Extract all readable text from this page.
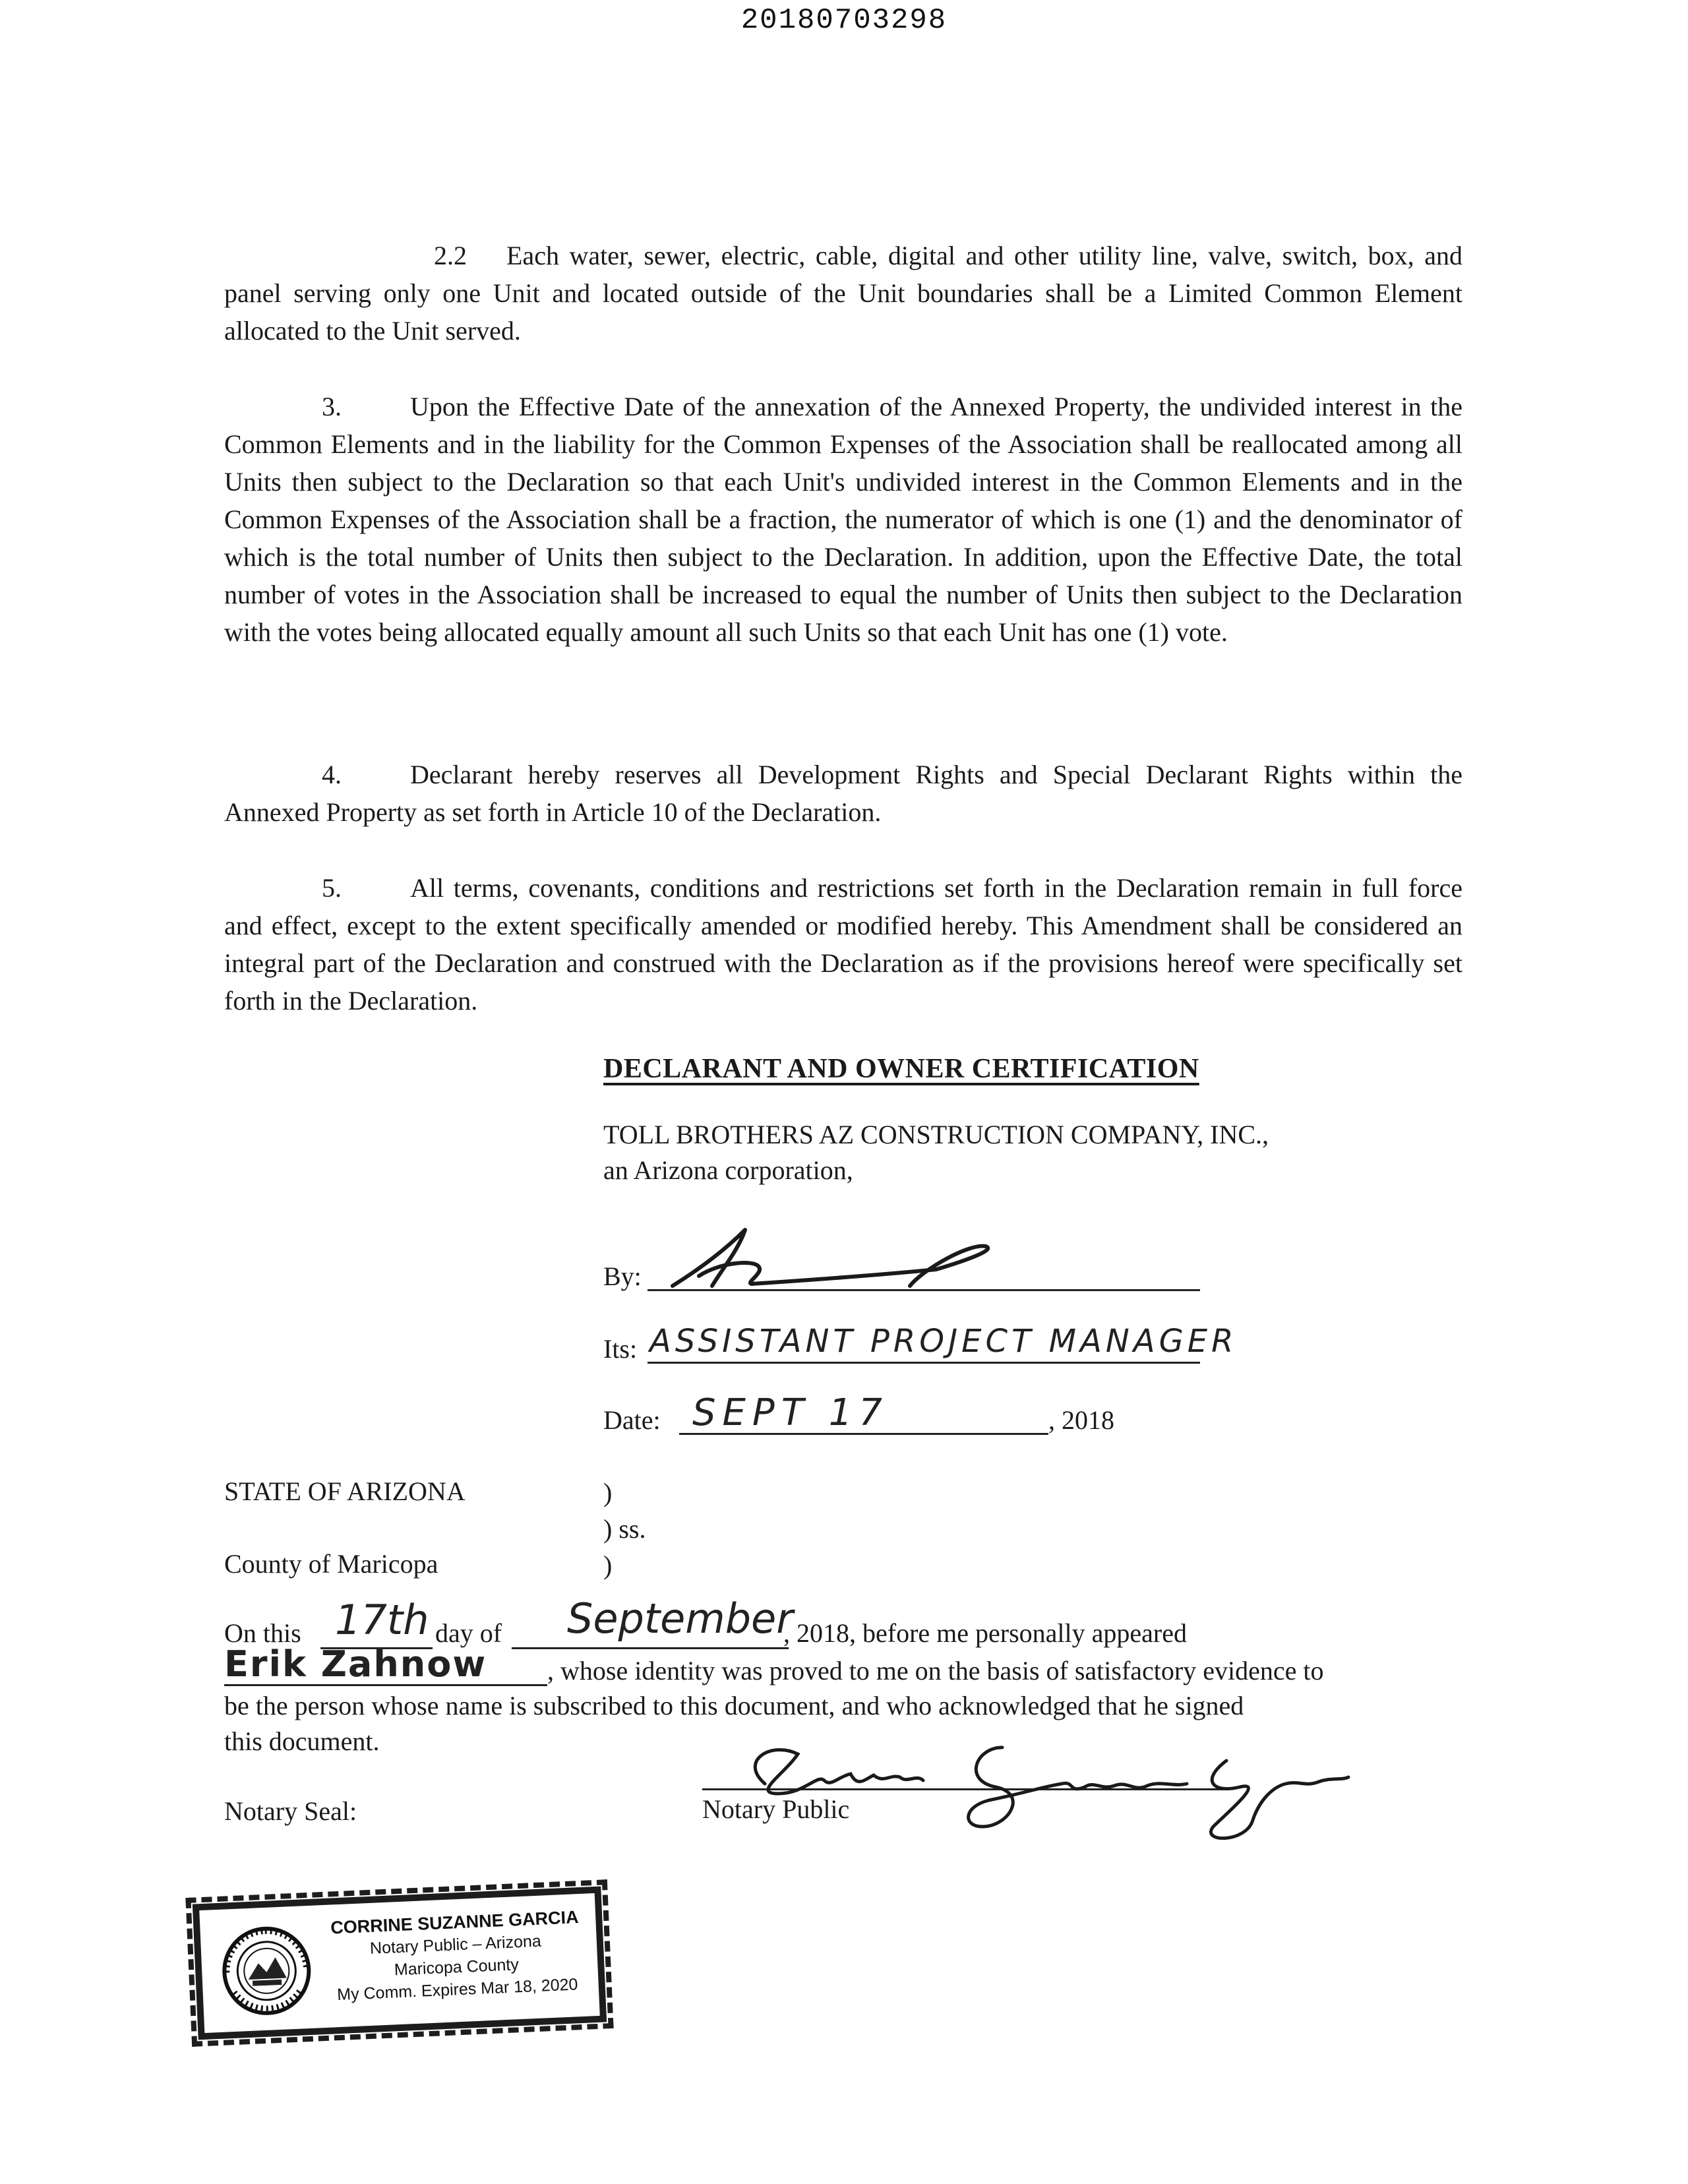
20180703298
2.2 Each water, sewer, electric, cable, digital and other utility line, valve, switch, box, and panel serving only one Unit and located outside of the Unit boundaries shall be a Limited Common Element allocated to the Unit served.
3.	Upon the Effective Date of the annexation of the Annexed Property, the undivided interest in the Common Elements and in the liability for the Common Expenses of the Association shall be reallocated among all Units then subject to the Declaration so that each Unit's undivided interest in the Common Elements and in the Common Expenses of the Association shall be a fraction, the numerator of which is one (1) and the denominator of which is the total number of Units then subject to the Declaration. In addition, upon the Effective Date, the total number of votes in the Association shall be increased to equal the number of Units then subject to the Declaration with the votes being allocated equally amount all such Units so that each Unit has one (1) vote.
4.	Declarant hereby reserves all Development Rights and Special Declarant Rights within the Annexed Property as set forth in Article 10 of the Declaration.
5.	All terms, covenants, conditions and restrictions set forth in the Declaration remain in full force and effect, except to the extent specifically amended or modified hereby. This Amendment shall be considered an integral part of the Declaration and construed with the Declaration as if the provisions hereof were specifically set forth in the Declaration.
DECLARANT AND OWNER CERTIFICATION
TOLL BROTHERS AZ CONSTRUCTION COMPANY, INC.,
an Arizona corporation,
By:
Its: ASSISTANT PROJECT MANAGER
Date: SEPT 17	, 2018
STATE OF ARIZONA	)
) ss.
County of Maricopa	)
On this 17th day of September
, 2018, before me personally appeared
Erik Zahnow , whose identity was proved to me on the basis of satisfactory evidence to
be the person whose name is subscribed to this document, and who acknowledged that he signed
this document.
Notary Seal:	Notary Public
CORRINE SUZANNE GARCIA
Notary Public – Arizona
Maricopa County
My Comm. Expires Mar 18, 2020
